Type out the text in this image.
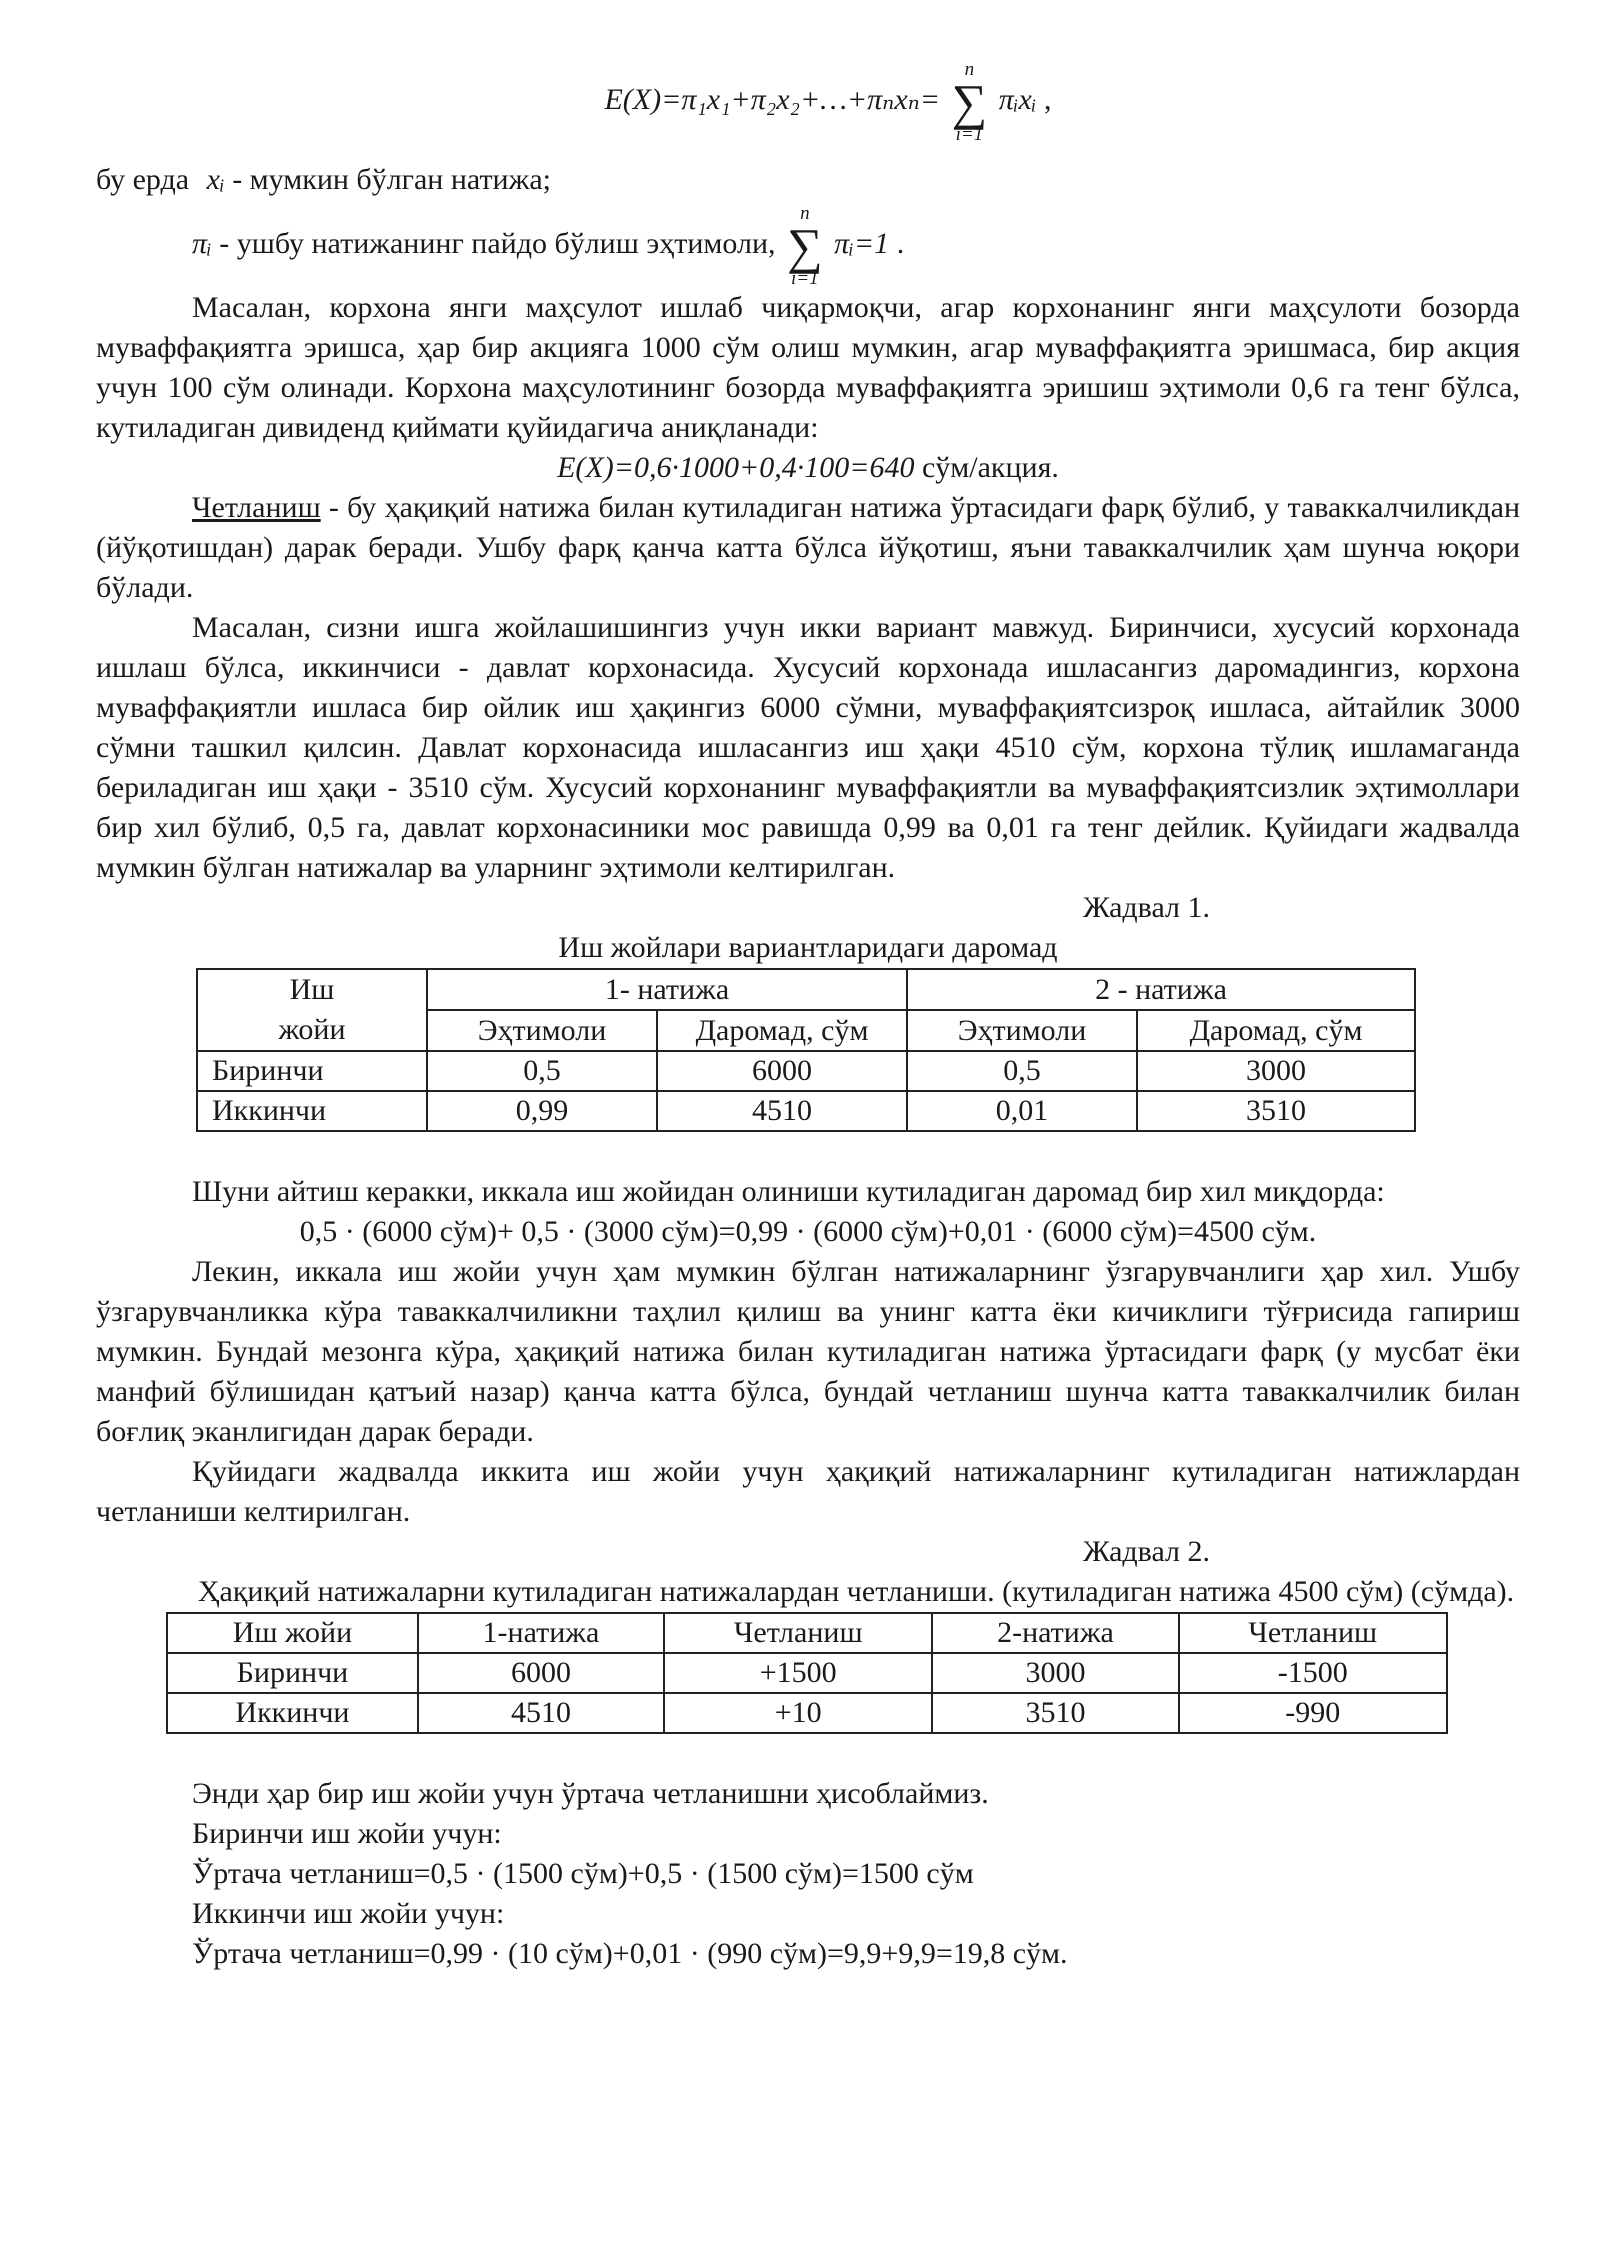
E(X)=π₁x₁+π₂x₂+…+πₙxₙ=
n
∑
i=1
πᵢxᵢ ,

бу ерда xᵢ - мумкин бўлган натижа;

πᵢ - ушбу натижанинг пайдо бўлиш эҳтимоли,
n
∑
i=1
πᵢ=1 .

Масалан, корхона янги маҳсулот ишлаб чиқармоқчи, агар корхонанинг янги маҳсулоти бозорда муваффақиятга эришса, ҳар бир акцияга 1000 сўм олиш мумкин, агар муваффақиятга эришмаса, бир акция учун 100 сўм олинади. Корхона маҳсулотининг бозорда муваффақиятга эришиш эҳтимоли 0,6 га тенг бўлса, кутиладиган дивиденд қиймати қуйидагича аниқланади:

E(X)=0,6·1000+0,4·100=640 сўм/акция.

Четланиш - бу ҳақиқий натижа билан кутиладиган натижа ўртасидаги фарқ бўлиб, у таваккалчиликдан (йўқотишдан) дарак беради. Ушбу фарқ қанча катта бўлса йўқотиш, яъни таваккалчилик ҳам шунча юқори бўлади.

Масалан, сизни ишга жойлашишингиз учун икки вариант мавжуд. Биринчиси, хусусий корхонада ишлаш бўлса, иккинчиси - давлат корхонасида. Хусусий корхонада ишласангиз даромадингиз, корхона муваффақиятли ишласа бир ойлик иш ҳақингиз 6000 сўмни, муваффақиятсизроқ ишласа, айтайлик 3000 сўмни ташкил қилсин. Давлат корхонасида ишласангиз иш ҳақи 4510 сўм, корхона тўлиқ ишламаганда бериладиган иш ҳақи - 3510 сўм. Хусусий корхонанинг муваффақиятли ва муваффақиятсизлик эҳтимоллари бир хил бўлиб, 0,5 га, давлат корхонасиники мос равишда 0,99 ва 0,01 га тенг дейлик. Қуйидаги жадвалда мумкин бўлган натижалар ва уларнинг эҳтимоли келтирилган.

Жадвал 1.
Иш жойлари вариантларидаги даромад
Иш
жойи	1- натижа		2 - натижа	
	Эҳтимоли	Даромад, сўм	Эҳтимоли	Даромад, сўм
Биринчи	0,5	6000	0,5	3000
Иккинчи	0,99	4510	0,01	3510

Шуни айтиш керакки, иккала иш жойидан олиниши кутиладиган даромад бир хил миқдорда:

0,5 · (6000 сўм)+ 0,5 · (3000 сўм)=0,99 · (6000 сўм)+0,01 · (6000 сўм)=4500 сўм.

Лекин, иккала иш жойи учун ҳам мумкин бўлган натижаларнинг ўзгарувчанлиги ҳар хил. Ушбу ўзгарувчанликка кўра таваккалчиликни таҳлил қилиш ва унинг катта ёки кичиклиги тўғрисида гапириш мумкин. Бундай мезонга кўра, ҳақиқий натижа билан кутиладиган натижа ўртасидаги фарқ (у мусбат ёки манфий бўлишидан қатъий назар) қанча катта бўлса, бундай четланиш шунча катта таваккалчилик билан боғлиқ эканлигидан дарак беради.

Қуйидаги жадвалда иккита иш жойи учун ҳақиқий натижаларнинг кутиладиган натижлардан четланиши келтирилган.

Жадвал 2.
Ҳақиқий натижаларни кутиладиган натижалардан четланиши. (кутиладиган натижа 4500 сўм) (сўмда).
Иш жойи	1-натижа	Четланиш	2-натижа	Четланиш
Биринчи	6000	+1500	3000	-1500
Иккинчи	4510	+10	3510	-990

Энди ҳар бир иш жойи учун ўртача четланишни ҳисоблаймиз.

Биринчи иш жойи учун:

Ўртача четланиш=0,5 · (1500 сўм)+0,5 · (1500 сўм)=1500 сўм

Иккинчи иш жойи учун:

Ўртача четланиш=0,99 · (10 сўм)+0,01 · (990 сўм)=9,9+9,9=19,8 сўм.
